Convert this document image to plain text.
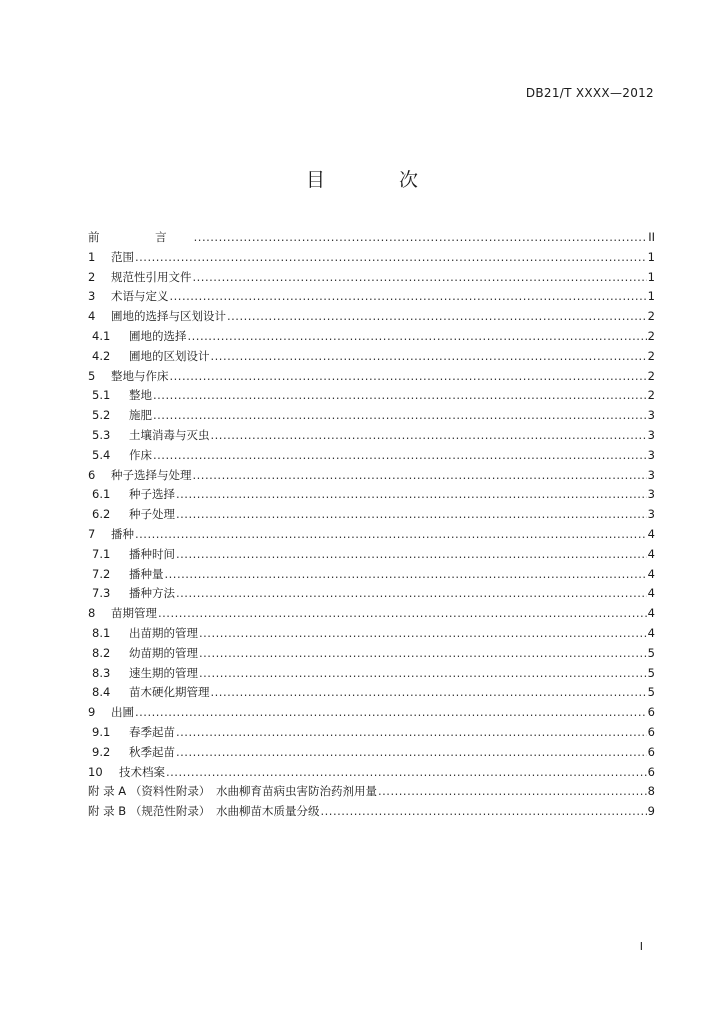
DB21/T XXXX—2012
目 次
前 言 .....	II
1	范围 .....	1
2	规范性引用文件 .....	1
3	术语与定义 .....	1
4	圃地的选择与区划设计 .....	2
4.1	圃地的选择 .....	2
4.2	圃地的区划设计 .....	2
5	整地与作床 .....	2
5.1	整地 .....	2
5.2	施肥 .....	3
5.3	土壤消毒与灭虫 .....	3
5.4	作床 .....	3
6	种子选择与处理 .....	3
6.1	种子选择 .....	3
6.2	种子处理 .....	3
7	播种 .....	4
7.1	播种时间 .....	4
7.2	播种量 .....	4
7.3	播种方法 .....	4
8	苗期管理 .....	4
8.1	出苗期的管理 .....	4
8.2	幼苗期的管理 .....	5
8.3	速生期的管理 .....	5
8.4	苗木硬化期管理 .....	5
9	出圃 .....	6
9.1	春季起苗 .....	6
9.2	秋季起苗 .....	6
10	技术档案 .....	6
附 录 A （资料性附录） 水曲柳育苗病虫害防治药剂用量 .....	8
附 录 B （规范性附录） 水曲柳苗木质量分级 .....	9
I
